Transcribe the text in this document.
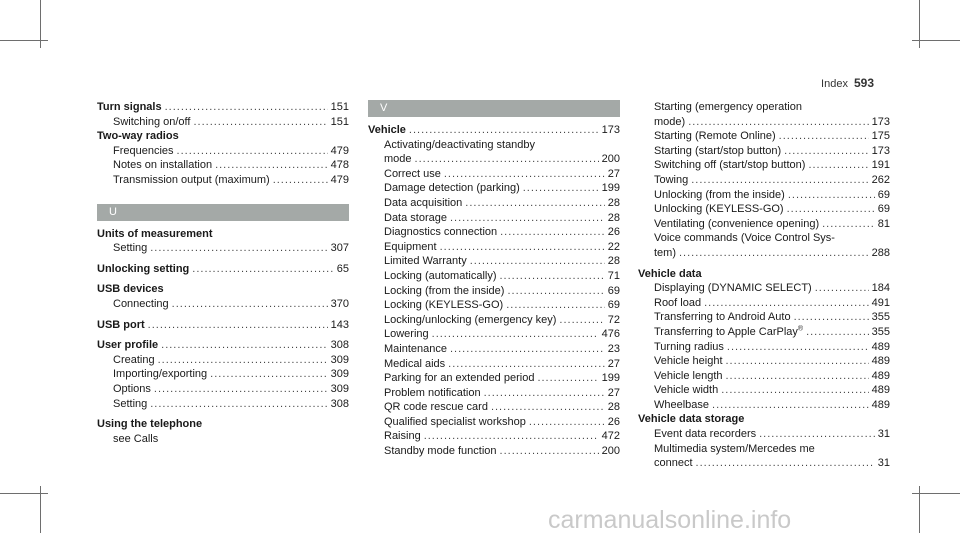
Index 593
Turn signals .....	151
Switching on/off .....	151
Two-way radios
Frequencies .....	479
Notes on installation .....	478
Transmission output (maximum) .....	479
U
Units of measurement
Setting .....	307
Unlocking setting .....	65
USB devices
Connecting .....	370
USB port .....	143
User profile .....	308
Creating .....	309
Importing/exporting .....	309
Options .....	309
Setting .....	308
Using the telephone
see Calls
V
Vehicle .....	173
Activating/deactivating standby
mode .....	200
Correct use .....	27
Damage detection (parking) .....	199
Data acquisition .....	28
Data storage .....	28
Diagnostics connection .....	26
Equipment .....	22
Limited Warranty .....	28
Locking (automatically) .....	71
Locking (from the inside) .....	69
Locking (KEYLESS-GO) .....	69
Locking/unlocking (emergency key) .....	72
Lowering .....	476
Maintenance .....	23
Medical aids .....	27
Parking for an extended period .....	199
Problem notification .....	27
QR code rescue card .....	28
Qualified specialist workshop .....	26
Raising .....	472
Standby mode function .....	200
Starting (emergency operation
mode) .....	173
Starting (Remote Online) .....	175
Starting (start/stop button) .....	173
Switching off (start/stop button) .....	191
Towing .....	262
Unlocking (from the inside) .....	69
Unlocking (KEYLESS-GO) .....	69
Ventilating (convenience opening) .....	81
Voice commands (Voice Control Sys-
tem) .....	288
Vehicle data
Displaying (DYNAMIC SELECT) .....	184
Roof load .....	491
Transferring to Android Auto .....	355
Transferring to Apple CarPlay® .....	355
Turning radius .....	489
Vehicle height .....	489
Vehicle length .....	489
Vehicle width .....	489
Wheelbase .....	489
Vehicle data storage
Event data recorders .....	31
Multimedia system/Mercedes me
connect .....	31
carmanualsonline.info
